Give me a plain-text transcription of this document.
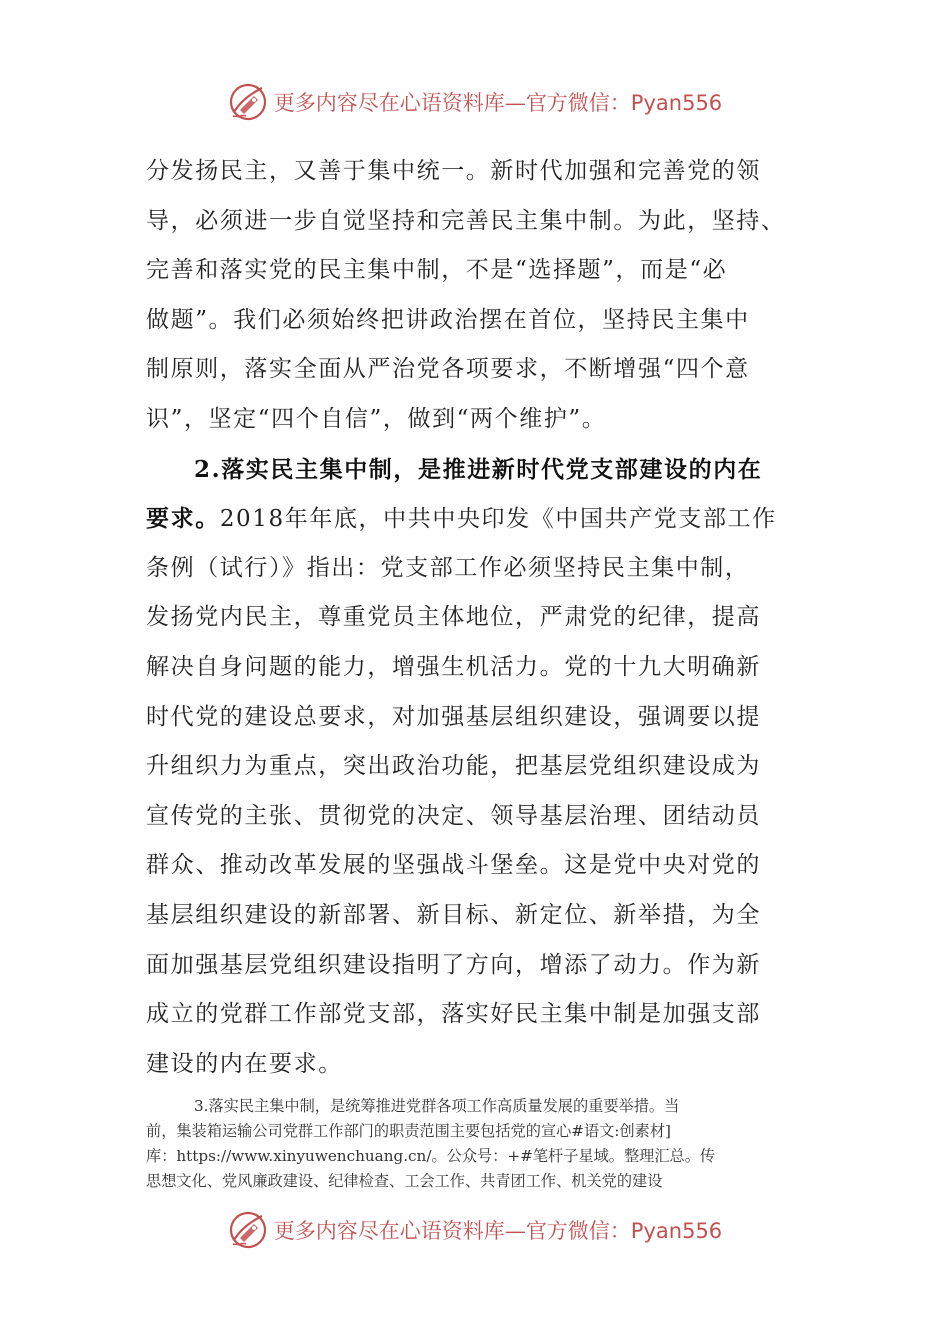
更多内容尽在心语资料库—官方微信：Pyan556
分发扬民主，又善于集中统一。新时代加强和完善党的领
导，必须进一步自觉坚持和完善民主集中制。为此，坚持、
完善和落实党的民主集中制，不是“选择题”，而是“必
做题”。我们必须始终把讲政治摆在首位，坚持民主集中
制原则，落实全面从严治党各项要求，不断增强“四个意
识”，坚定“四个自信”，做到“两个维护”。
2.落实民主集中制，是推进新时代党支部建设的内在
要求。2018年年底，中共中央印发《中国共产党支部工作
条例（试行）》指出：党支部工作必须坚持民主集中制，
发扬党内民主，尊重党员主体地位，严肃党的纪律，提高
解决自身问题的能力，增强生机活力。党的十九大明确新
时代党的建设总要求，对加强基层组织建设，强调要以提
升组织力为重点，突出政治功能，把基层党组织建设成为
宣传党的主张、贯彻党的决定、领导基层治理、团结动员
群众、推动改革发展的坚强战斗堡垒。这是党中央对党的
基层组织建设的新部署、新目标、新定位、新举措，为全
面加强基层党组织建设指明了方向，增添了动力。作为新
成立的党群工作部党支部，落实好民主集中制是加强支部
建设的内在要求。
3.落实民主集中制，是统筹推进党群各项工作高质量发展的重要举措。当
前，集装箱运输公司党群工作部门的职责范围主要包括党的宣心#语文:创素材]
库：https://www.xinyuwenchuang.cn/。公众号：+#笔杆子星域。整理汇总。传
思想文化、党风廉政建设、纪律检查、工会工作、共青团工作、机关党的建设
更多内容尽在心语资料库—官方微信：Pyan556
